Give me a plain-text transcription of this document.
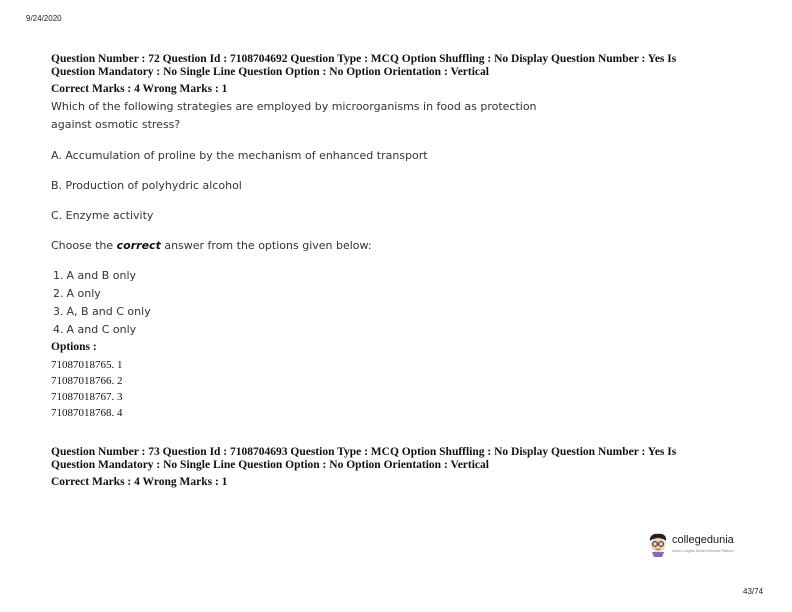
9/24/2020
Question Number : 72 Question Id : 7108704692 Question Type : MCQ Option Shuffling : No Display Question Number : Yes Is
Question Mandatory : No Single Line Question Option : No Option Orientation : Vertical
Correct Marks : 4 Wrong Marks : 1
Which of the following strategies are employed by microorganisms in food as protection
against osmotic stress?
A. Accumulation of proline by the mechanism of enhanced transport
B. Production of polyhydric alcohol
C. Enzyme activity
Choose the correct answer from the options given below:
1. A and B only
2. A only
3. A, B and C only
4. A and C only
Options :
71087018765. 1
71087018766. 2
71087018767. 3
71087018768. 4
Question Number : 73 Question Id : 7108704693 Question Type : MCQ Option Shuffling : No Display Question Number : Yes Is
Question Mandatory : No Single Line Question Option : No Option Orientation : Vertical
Correct Marks : 4 Wrong Marks : 1
collegedunia
India's Largest Student Review Platform
43/74
